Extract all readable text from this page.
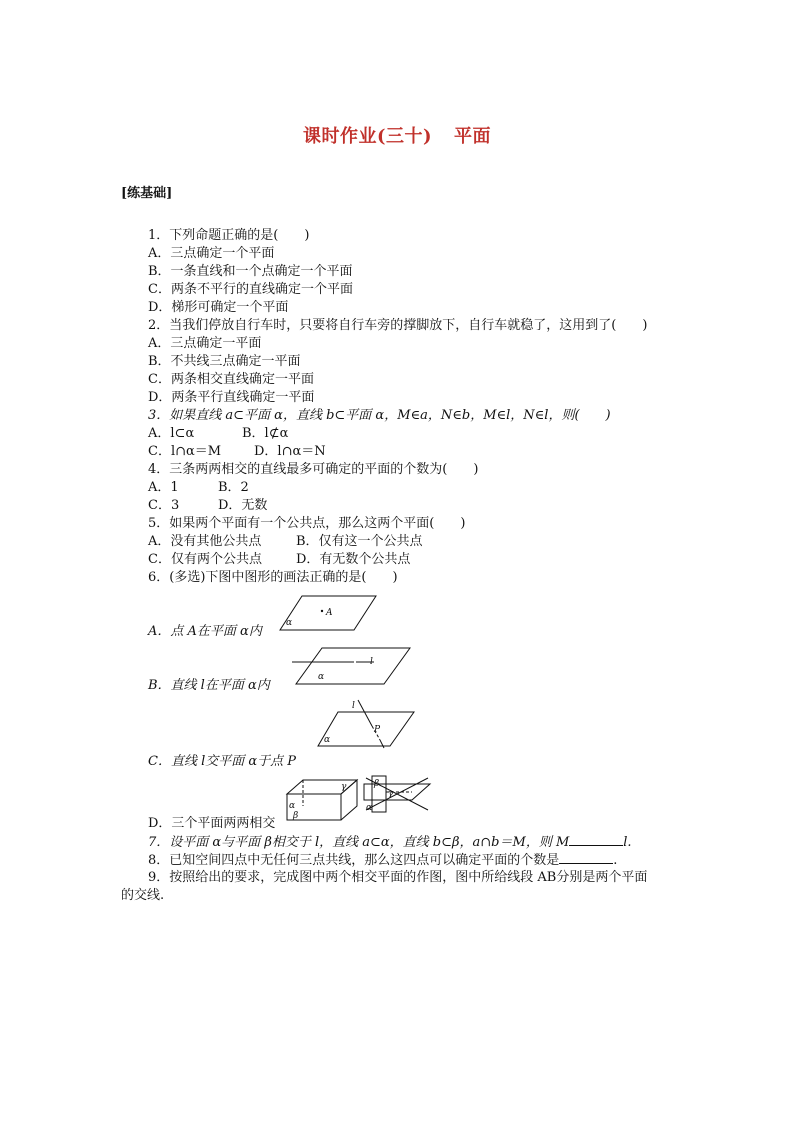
课时作业(三十) 平面
[练基础]
1．下列命题正确的是(　　)
A．三点确定一个平面
B．一条直线和一个点确定一个平面
C．两条不平行的直线确定一个平面
D．梯形可确定一个平面
2．当我们停放自行车时，只要将自行车旁的撑脚放下，自行车就稳了，这用到了(　　)
A．三点确定一平面
B．不共线三点确定一平面
C．两条相交直线确定一平面
D．两条平行直线确定一平面
3．如果直线 a⊂平面 α，直线 b⊂平面 α，M∈a，N∈b，M∈l，N∈l，则(　　)
A．l⊂α	B．l⊄α
C．l∩α＝M	D．l∩α＝N
4．三条两两相交的直线最多可确定的平面的个数为(　　)
A．1	B．2
C．3	D．无数
5．如果两个平面有一个公共点，那么这两个平面(　　)
A．没有其他公共点	B．仅有这一个公共点
C．仅有两个公共点	D．有无数个公共点
6．(多选)下图中图形的画法正确的是(　　)
A
α
A．点 A在平面 α内
l
α
B．直线 l在平面 α内
l
P
α
C．直线 l交平面 α于点 P
γ
α
β
β
γ
α
D．三个平面两两相交
7．设平面 α与平面 β相交于 l，直线 a⊂α，直线 b⊂β，a∩b＝M，则 M	l.
8．已知空间四点中无任何三点共线，那么这四点可以确定平面的个数是	.
9．按照给出的要求，完成图中两个相交平面的作图，图中所给线段 AB分别是两个平面
的交线.
